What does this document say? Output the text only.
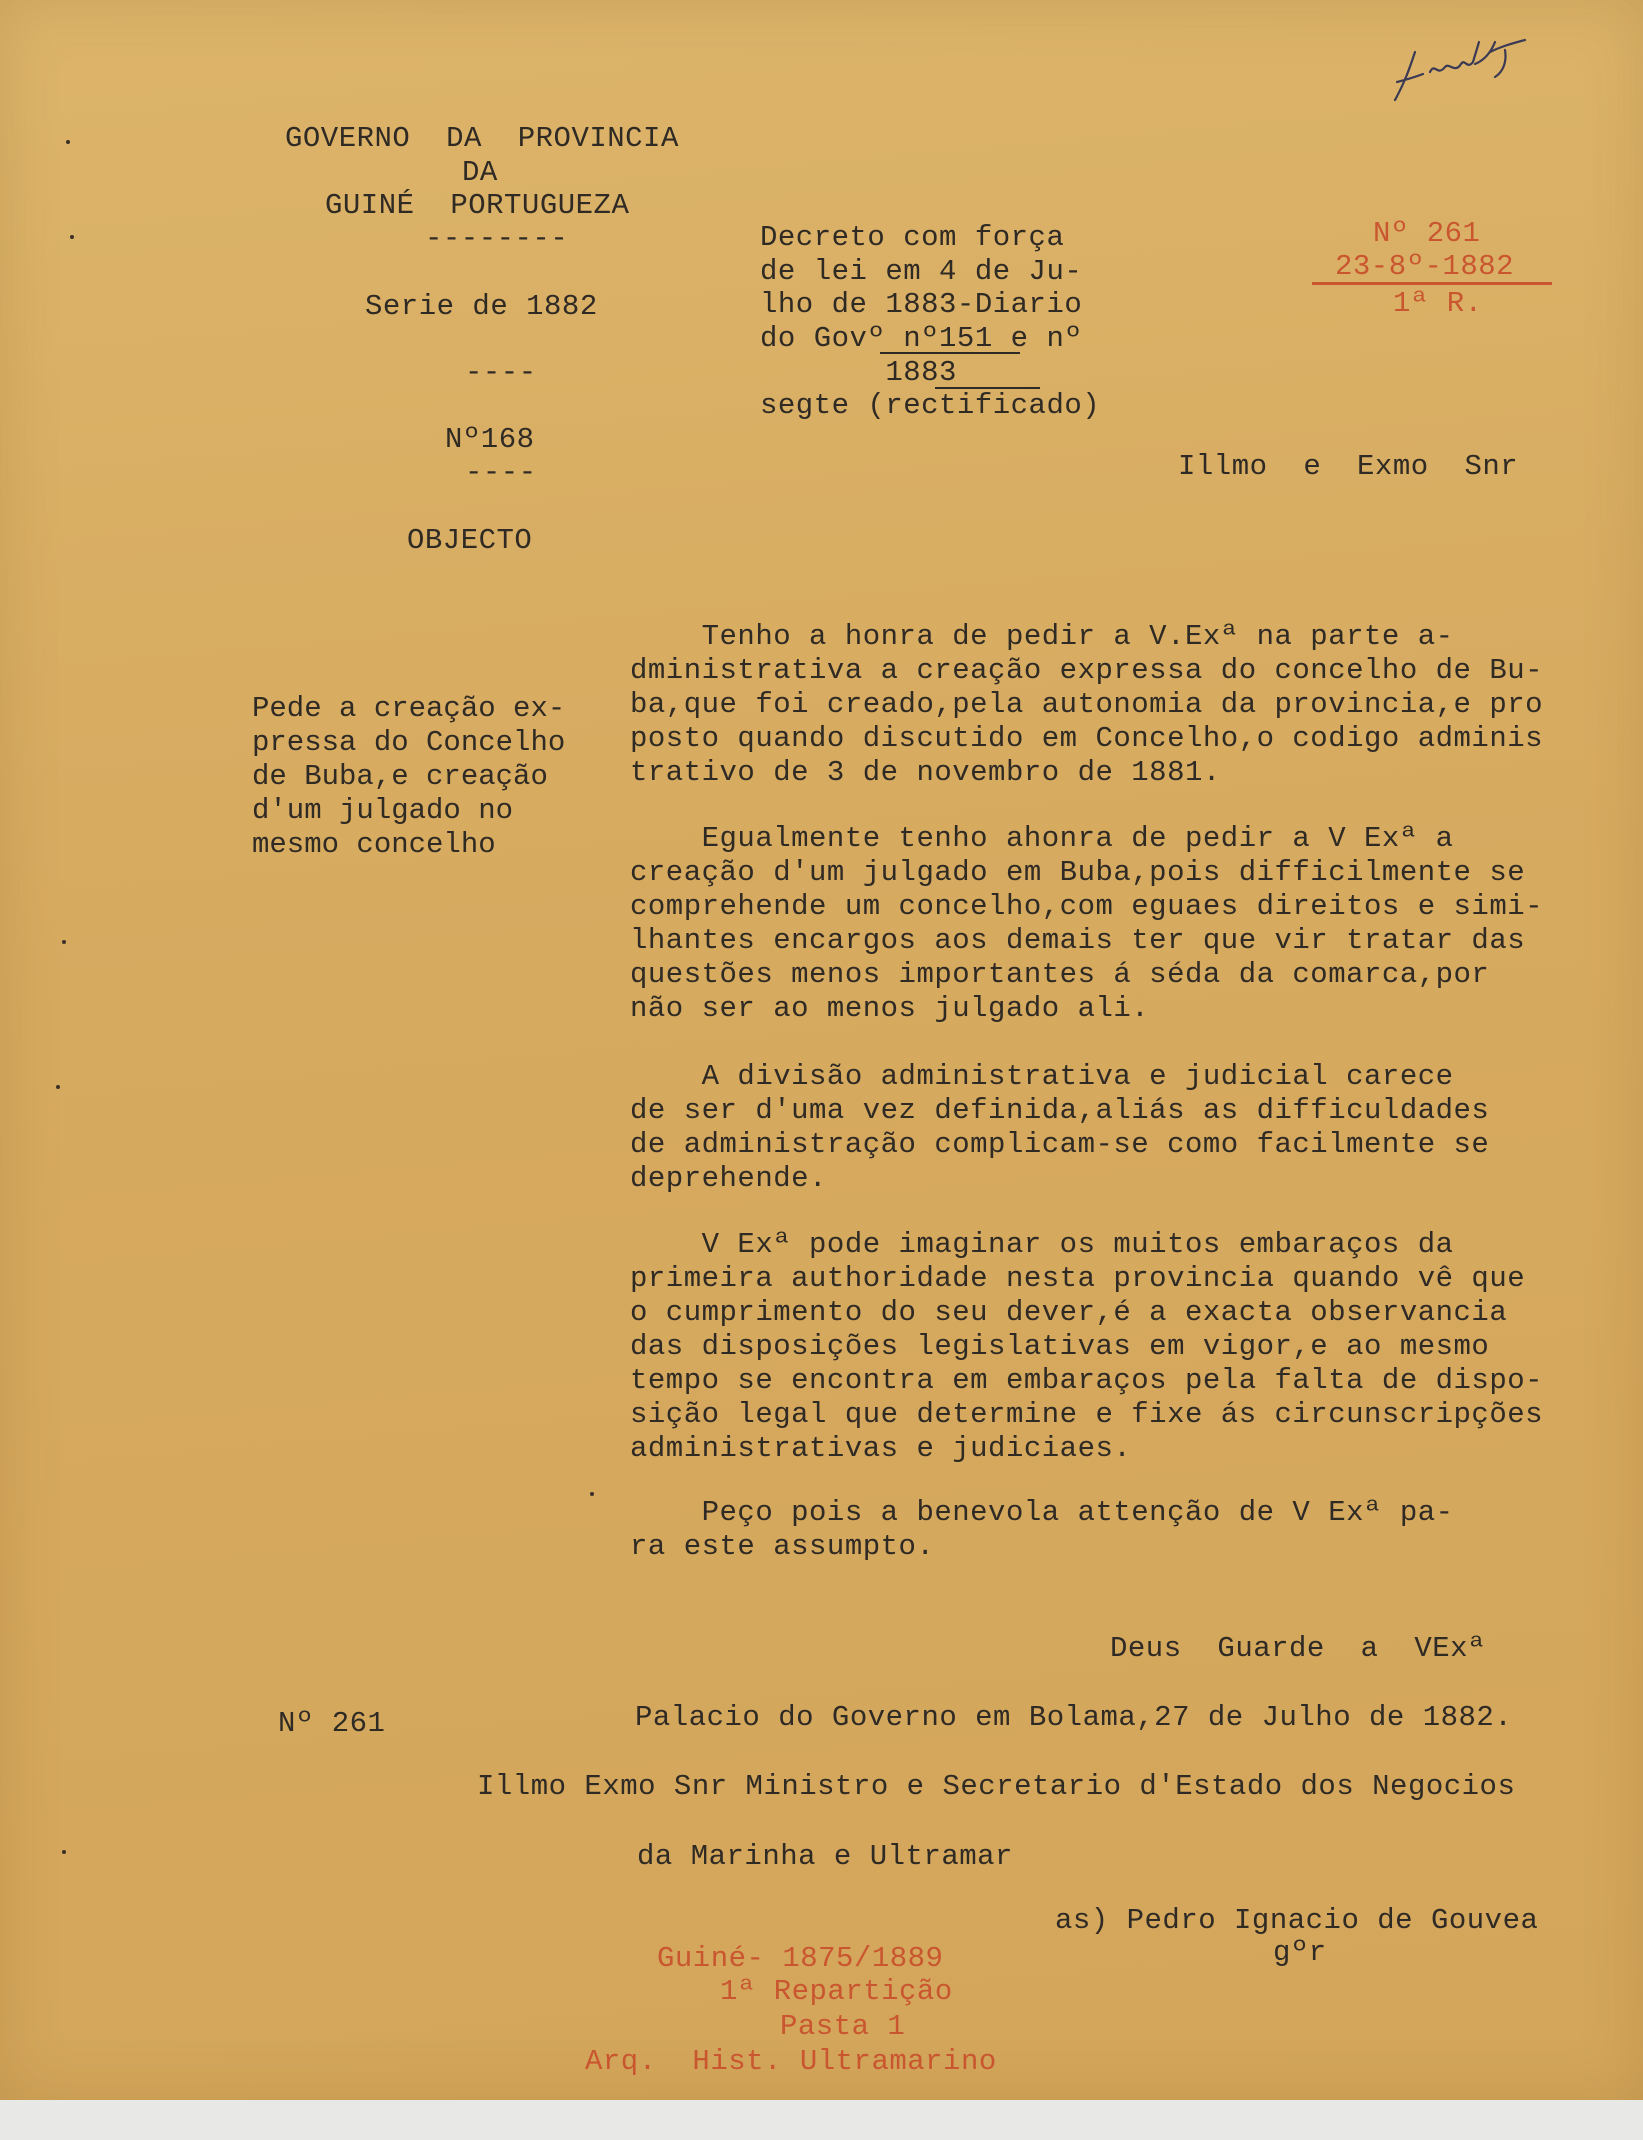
GOVERNO  DA  PROVINCIA
DA
GUINÉ  PORTUGUEZA
--------
Serie de 1882
----
Nº168
----
OBJECTO
Decreto com força
de lei em 4 de Ju-
lho de 1883-Diario
do Govº nº151 e nº
1883
segte (rectificado)
Nº 261
23-8º-1882
1ª R.
Illmo  e  Exmo  Snr
Pede a creação ex-
pressa do Concelho
de Buba,e creação
d'um julgado no
mesmo concelho
Tenho a honra de pedir a V.Exª na parte a-
dministrativa a creação expressa do concelho de Bu-
ba,que foi creado,pela autonomia da provincia,e pro
posto quando discutido em Concelho,o codigo adminis
trativo de 3 de novembro de 1881.
Egualmente tenho ahonra de pedir a V Exª a
creação d'um julgado em Buba,pois difficilmente se
comprehende um concelho,com eguaes direitos e simi-
lhantes encargos aos demais ter que vir tratar das
questões menos importantes á séda da comarca,por
não ser ao menos julgado ali.
A divisão administrativa e judicial carece
de ser d'uma vez definida,aliás as difficuldades
de administração complicam-se como facilmente se
deprehende.
V Exª pode imaginar os muitos embaraços da
primeira authoridade nesta provincia quando vê que
o cumprimento do seu dever,é a exacta observancia
das disposições legislativas em vigor,e ao mesmo
tempo se encontra em embaraços pela falta de dispo-
sição legal que determine e fixe ás circunscripções
administrativas e judiciaes.
Peço pois a benevola attenção de V Exª pa-
ra este assumpto.
Deus  Guarde  a  VExª
Nº 261	Palacio do Governo em Bolama,27 de Julho de 1882.
Illmo Exmo Snr Ministro e Secretario d'Estado dos Negocios
da Marinha e Ultramar
as) Pedro Ignacio de Gouvea
gºr
Guiné- 1875/1889
1ª Repartição
Pasta 1
Arq.  Hist. Ultramarino
